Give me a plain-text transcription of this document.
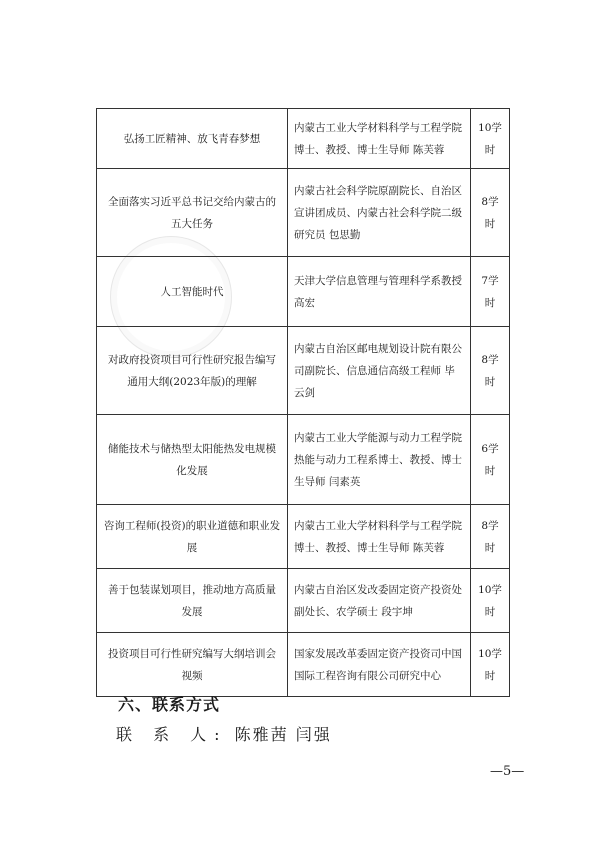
弘扬工匠精神、放飞青春梦想	内蒙古工业大学材料科学与工程学院博士、教授、博士生导师 陈芙蓉	10学时
全面落实习近平总书记交给内蒙古的五大任务	内蒙古社会科学院原副院长、自治区宣讲团成员、内蒙古社会科学院二级研究员 包思勤	8学时
人工智能时代	天津大学信息管理与管理科学系教授高宏	7学时
对政府投资项目可行性研究报告编写通用大纲(2023年版)的理解	内蒙古自治区邮电规划设计院有限公司副院长、信息通信高级工程师 毕云剑	8学时
储能技术与储热型太阳能热发电规模化发展	内蒙古工业大学能源与动力工程学院热能与动力工程系博士、教授、博士生导师 闫素英	6学时
咨询工程师(投资)的职业道德和职业发展	内蒙古工业大学材料科学与工程学院博士、教授、博士生导师 陈芙蓉	8学时
善于包装谋划项目，推动地方高质量发展	内蒙古自治区发改委固定资产投资处副处长、农学硕士 段宇坤	10学时
投资项目可行性研究编写大纲培训会视频	国家发展改革委固定资产投资司中国国际工程咨询有限公司研究中心	10学时
六、联系方式
联 系 人: 陈雅茜 闫强
—5—
